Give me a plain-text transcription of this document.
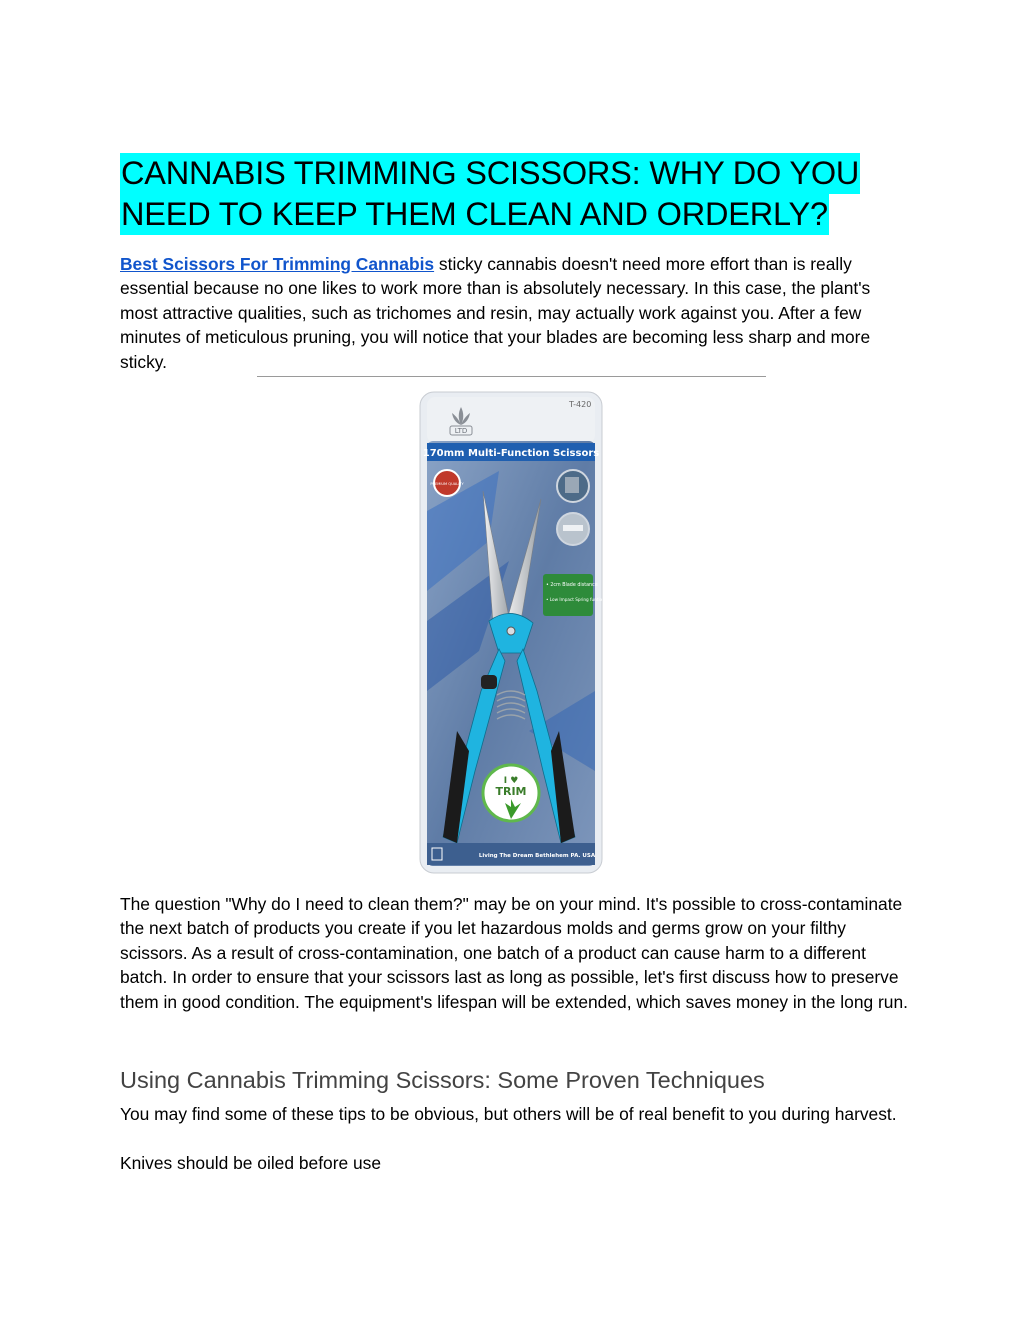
CANNABIS TRIMMING SCISSORS: WHY DO YOU NEED TO KEEP THEM CLEAN AND ORDERLY?

Best Scissors For Trimming Cannabis sticky cannabis doesn't need more effort than is really essential because no one likes to work more than is absolutely necessary. In this case, the plant's most attractive qualities, such as trichomes and resin, may actually work against you. After a few minutes of meticulous pruning, you will notice that your blades are becoming less sharp and more sticky.

LTD
T-420
170mm Multi-Function Scissors
PREMIUM QUALITY
• 2cm Blade distance
• Low Impact Spring funtion
I ♥
TRIM
Living The Dream Bethlehem PA. USA

The question "Why do I need to clean them?" may be on your mind. It's possible to cross-contaminate the next batch of products you create if you let hazardous molds and germs grow on your filthy scissors. As a result of cross-contamination, one batch of a product can cause harm to a different batch. In order to ensure that your scissors last as long as possible, let's first discuss how to preserve them in good condition. The equipment's lifespan will be extended, which saves money in the long run.

Using Cannabis Trimming Scissors: Some Proven Techniques

You may find some of these tips to be obvious, but others will be of real benefit to you during harvest.

Knives should be oiled before use
